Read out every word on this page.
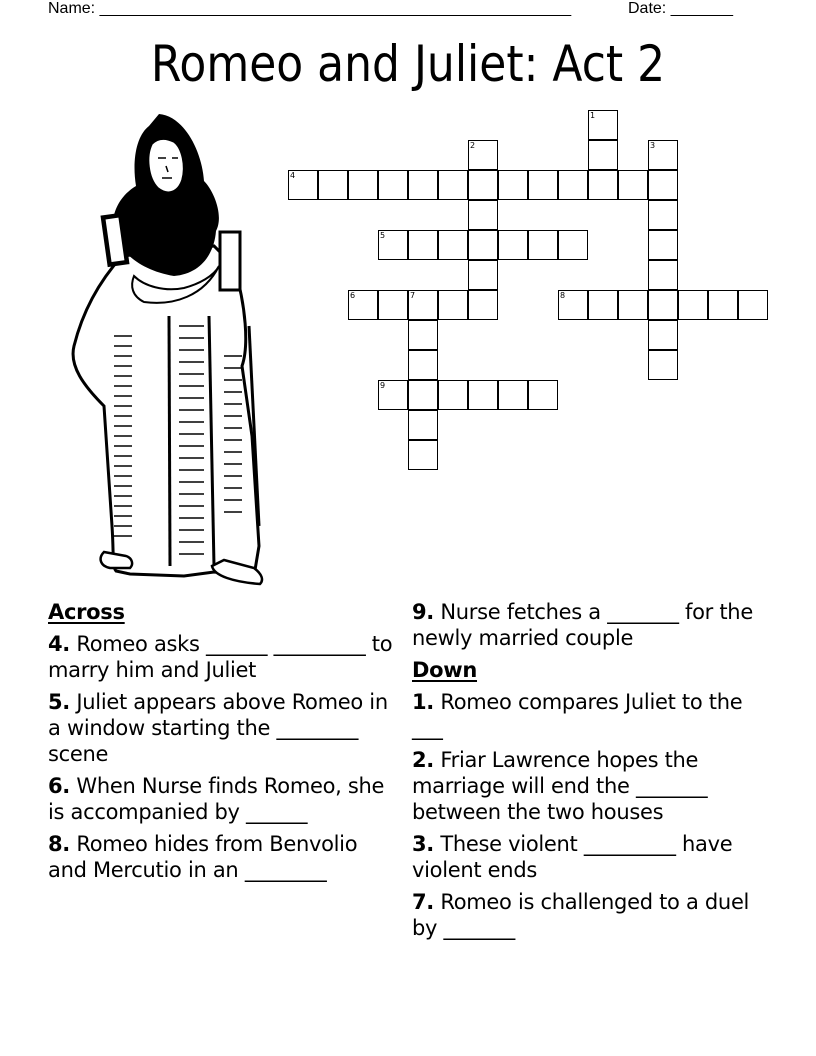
Name: _____________________________________________________	Date: _______
Romeo and Juliet: Act 2
1
2	3
4
5
6	7	8
9
Across
4. Romeo asks ______ _________ to marry him and Juliet
5. Juliet appears above Romeo in a window starting the ________ scene
6. When Nurse finds Romeo, she is accompanied by ______
8. Romeo hides from Benvolio and Mercutio in an ________
9. Nurse fetches a _______ for the newly married couple
Down
1. Romeo compares Juliet to the ___
2. Friar Lawrence hopes the marriage will end the _______ between the two houses
3. These violent _________ have violent ends
7. Romeo is challenged to a duel by _______
